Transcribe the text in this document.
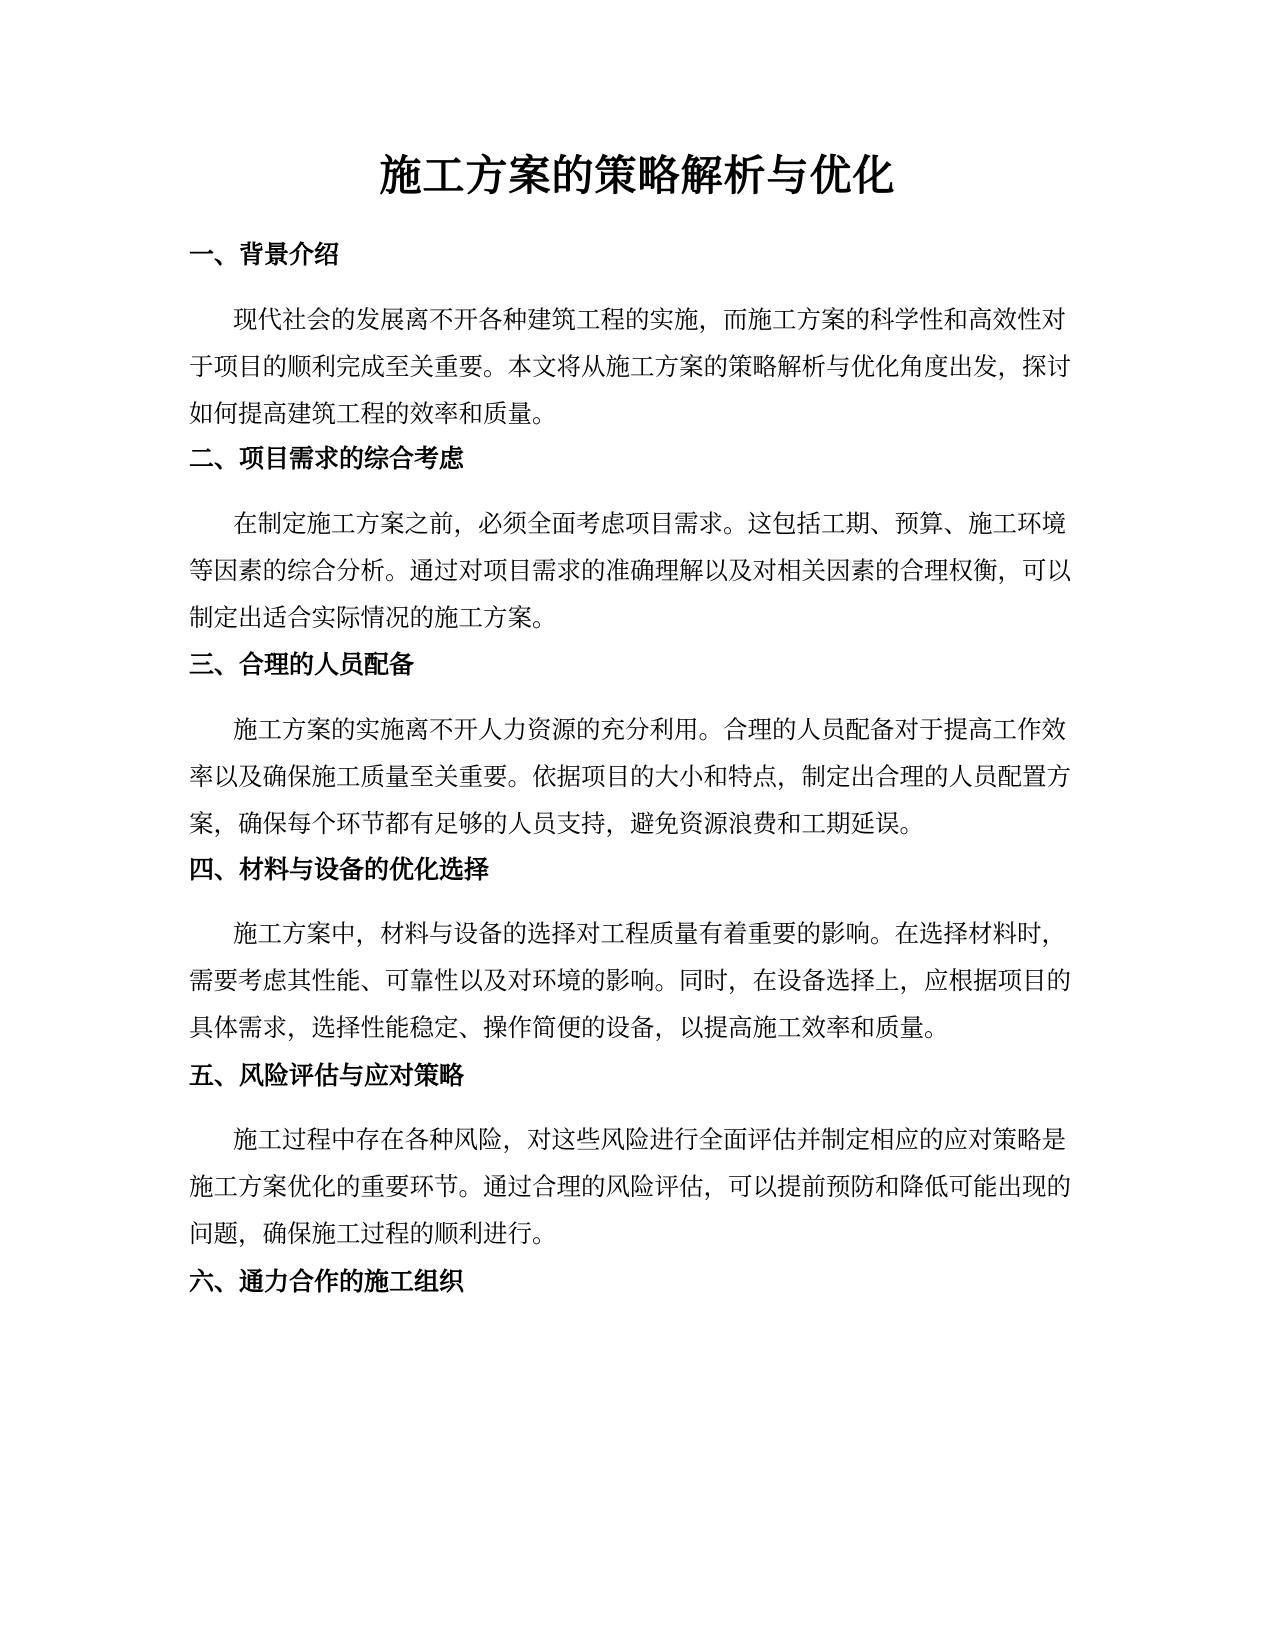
施工方案的策略解析与优化
一、背景介绍
现代社会的发展离不开各种建筑工程的实施，而施工方案的科学性和高效性对
于项目的顺利完成至关重要。本文将从施工方案的策略解析与优化角度出发，探讨
如何提高建筑工程的效率和质量。
二、项目需求的综合考虑
在制定施工方案之前，必须全面考虑项目需求。这包括工期、预算、施工环境
等因素的综合分析。通过对项目需求的准确理解以及对相关因素的合理权衡，可以
制定出适合实际情况的施工方案。
三、合理的人员配备
施工方案的实施离不开人力资源的充分利用。合理的人员配备对于提高工作效
率以及确保施工质量至关重要。依据项目的大小和特点，制定出合理的人员配置方
案，确保每个环节都有足够的人员支持，避免资源浪费和工期延误。
四、材料与设备的优化选择
施工方案中，材料与设备的选择对工程质量有着重要的影响。在选择材料时，
需要考虑其性能、可靠性以及对环境的影响。同时，在设备选择上，应根据项目的
具体需求，选择性能稳定、操作简便的设备，以提高施工效率和质量。
五、风险评估与应对策略
施工过程中存在各种风险，对这些风险进行全面评估并制定相应的应对策略是
施工方案优化的重要环节。通过合理的风险评估，可以提前预防和降低可能出现的
问题，确保施工过程的顺利进行。
六、通力合作的施工组织
